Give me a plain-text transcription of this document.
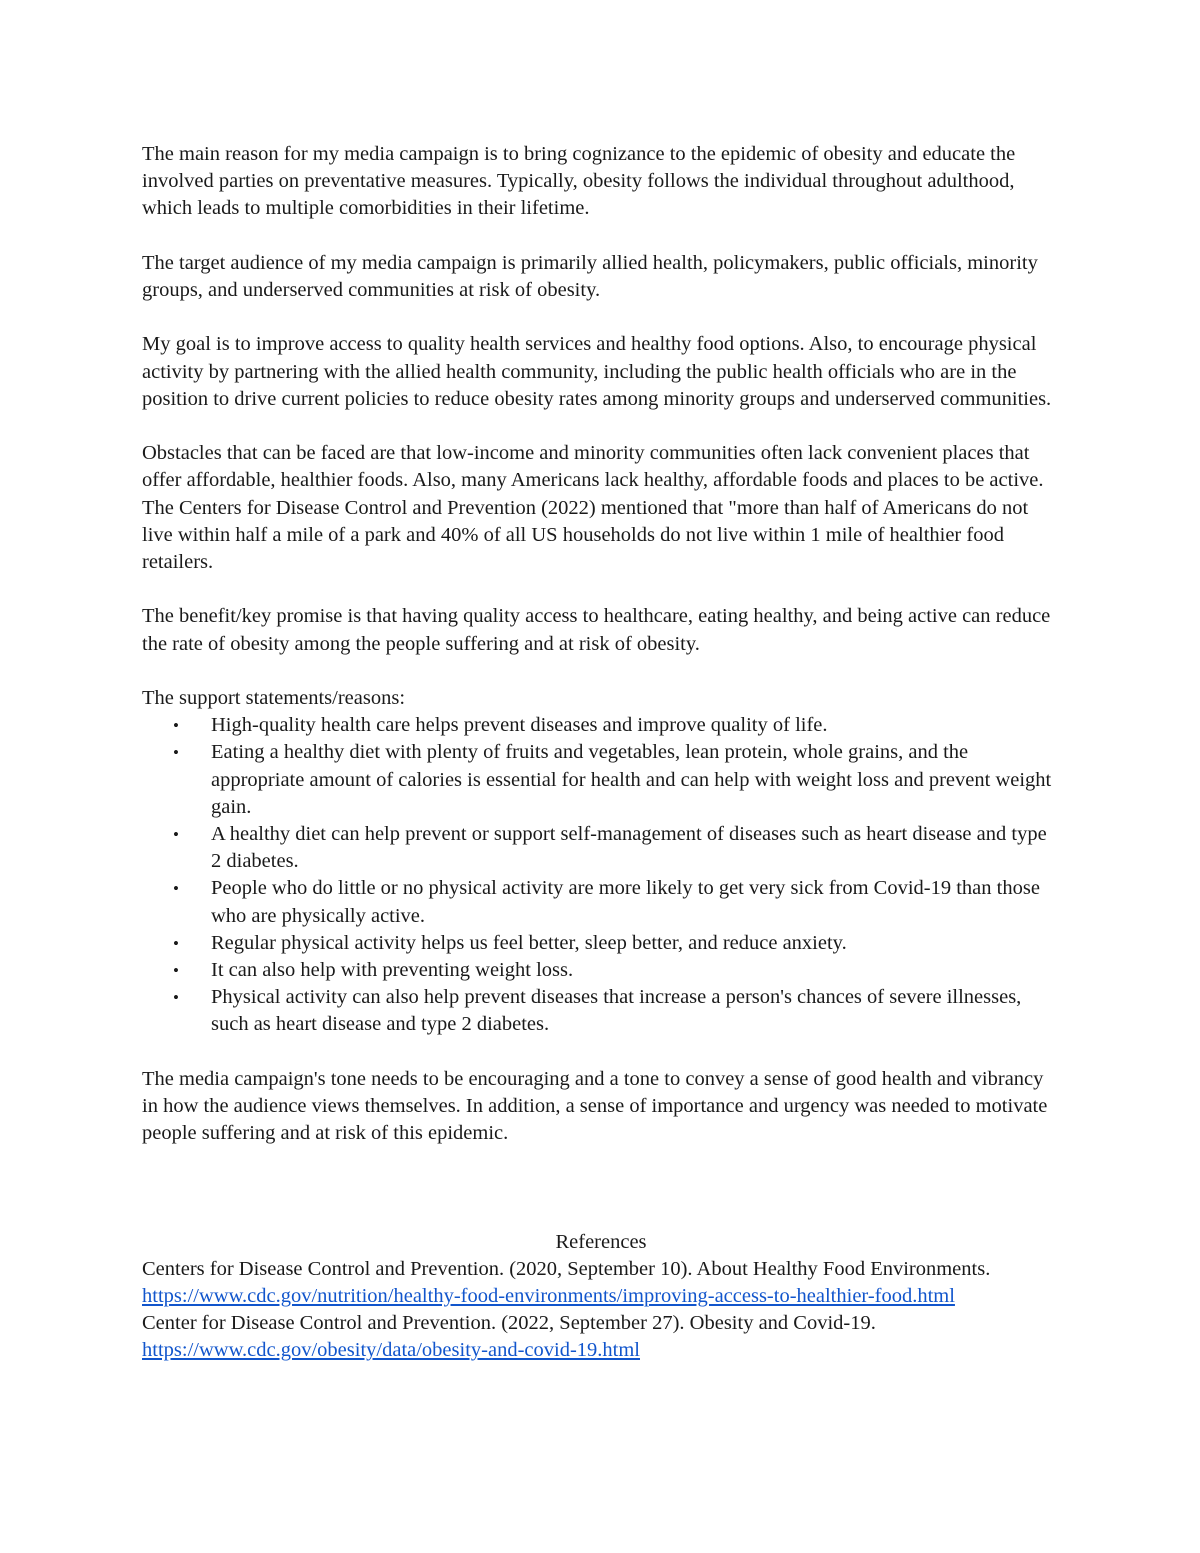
The main reason for my media campaign is to bring cognizance to the epidemic of obesity and educate the involved parties on preventative measures. Typically, obesity follows the individual throughout adulthood, which leads to multiple comorbidities in their lifetime.

The target audience of my media campaign is primarily allied health, policymakers, public officials, minority groups, and underserved communities at risk of obesity.

My goal is to improve access to quality health services and healthy food options. Also, to encourage physical activity by partnering with the allied health community, including the public health officials who are in the position to drive current policies to reduce obesity rates among minority groups and underserved communities.

Obstacles that can be faced are that low-income and minority communities often lack convenient places that offer affordable, healthier foods. Also, many Americans lack healthy, affordable foods and places to be active. The Centers for Disease Control and Prevention (2022) mentioned that "more than half of Americans do not live within half a mile of a park and 40% of all US households do not live within 1 mile of healthier food retailers.

The benefit/key promise is that having quality access to healthcare, eating healthy, and being active can reduce the rate of obesity among the people suffering and at risk of obesity.

The support statements/reasons:

• High-quality health care helps prevent diseases and improve quality of life.
• Eating a healthy diet with plenty of fruits and vegetables, lean protein, whole grains, and the appropriate amount of calories is essential for health and can help with weight loss and prevent weight gain.
• A healthy diet can help prevent or support self-management of diseases such as heart disease and type 2 diabetes.
• People who do little or no physical activity are more likely to get very sick from Covid-19 than those who are physically active.
• Regular physical activity helps us feel better, sleep better, and reduce anxiety.
• It can also help with preventing weight loss.
• Physical activity can also help prevent diseases that increase a person's chances of severe illnesses, such as heart disease and type 2 diabetes.

The media campaign's tone needs to be encouraging and a tone to convey a sense of good health and vibrancy in how the audience views themselves. In addition, a sense of importance and urgency was needed to motivate people suffering and at risk of this epidemic.

References

Centers for Disease Control and Prevention. (2020, September 10). About Healthy Food Environments. https://www.cdc.gov/nutrition/healthy-food-environments/improving-access-to-healthier-food.html

Center for Disease Control and Prevention. (2022, September 27). Obesity and Covid-19. https://www.cdc.gov/obesity/data/obesity-and-covid-19.html
